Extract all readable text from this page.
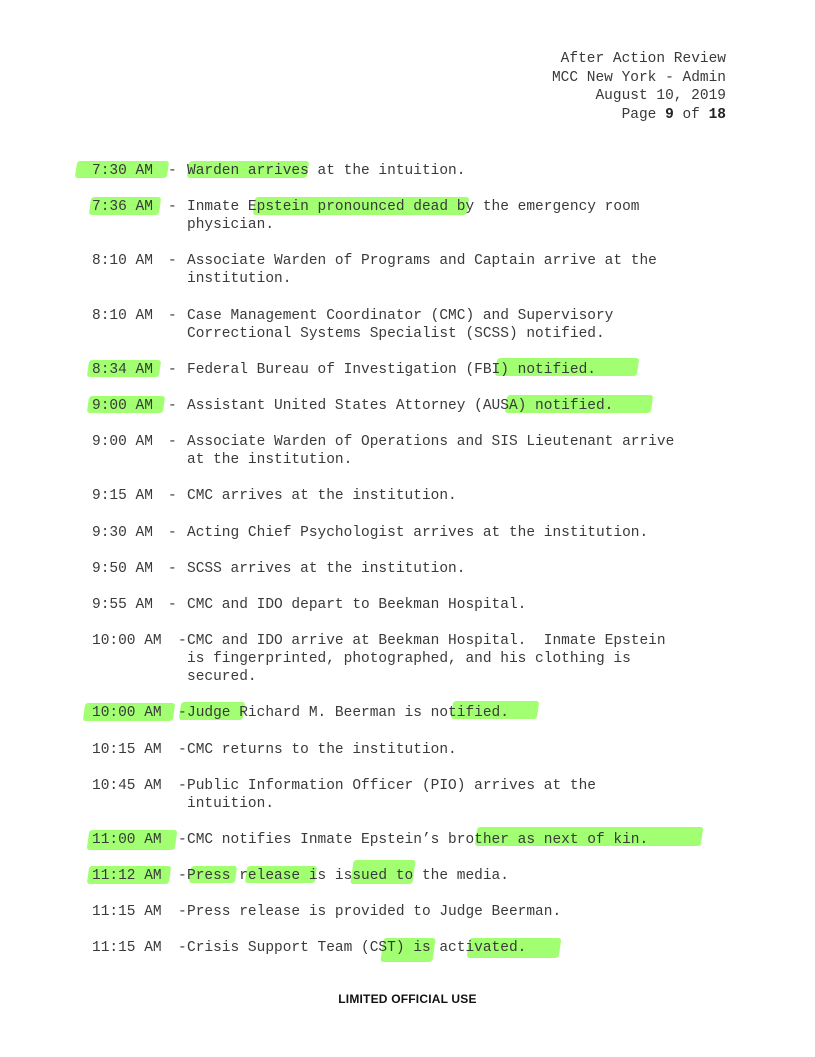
After Action Review
MCC New York - Admin
August 10, 2019
Page 9 of 18
7:30 AM - Warden arrives at the intuition.
7:36 AM - Inmate Epstein pronounced dead by the emergency room
physician.
8:10 AM - Associate Warden of Programs and Captain arrive at the
institution.
8:10 AM - Case Management Coordinator (CMC) and Supervisory
Correctional Systems Specialist (SCSS) notified.
8:34 AM - Federal Bureau of Investigation (FBI) notified.
9:00 AM - Assistant United States Attorney (AUSA) notified.
9:00 AM - Associate Warden of Operations and SIS Lieutenant arrive
at the institution.
9:15 AM - CMC arrives at the institution.
9:30 AM - Acting Chief Psychologist arrives at the institution.
9:50 AM - SCSS arrives at the institution.
9:55 AM - CMC and IDO depart to Beekman Hospital.
10:00 AM - CMC and IDO arrive at Beekman Hospital.  Inmate Epstein
is fingerprinted, photographed, and his clothing is
secured.
10:00 AM - Judge Richard M. Beerman is notified.
10:15 AM - CMC returns to the institution.
10:45 AM - Public Information Officer (PIO) arrives at the
intuition.
11:00 AM - CMC notifies Inmate Epstein’s brother as next of kin.
11:12 AM - Press release is issued to the media.
11:15 AM - Press release is provided to Judge Beerman.
11:15 AM - Crisis Support Team (CST) is activated.
LIMITED OFFICIAL USE
